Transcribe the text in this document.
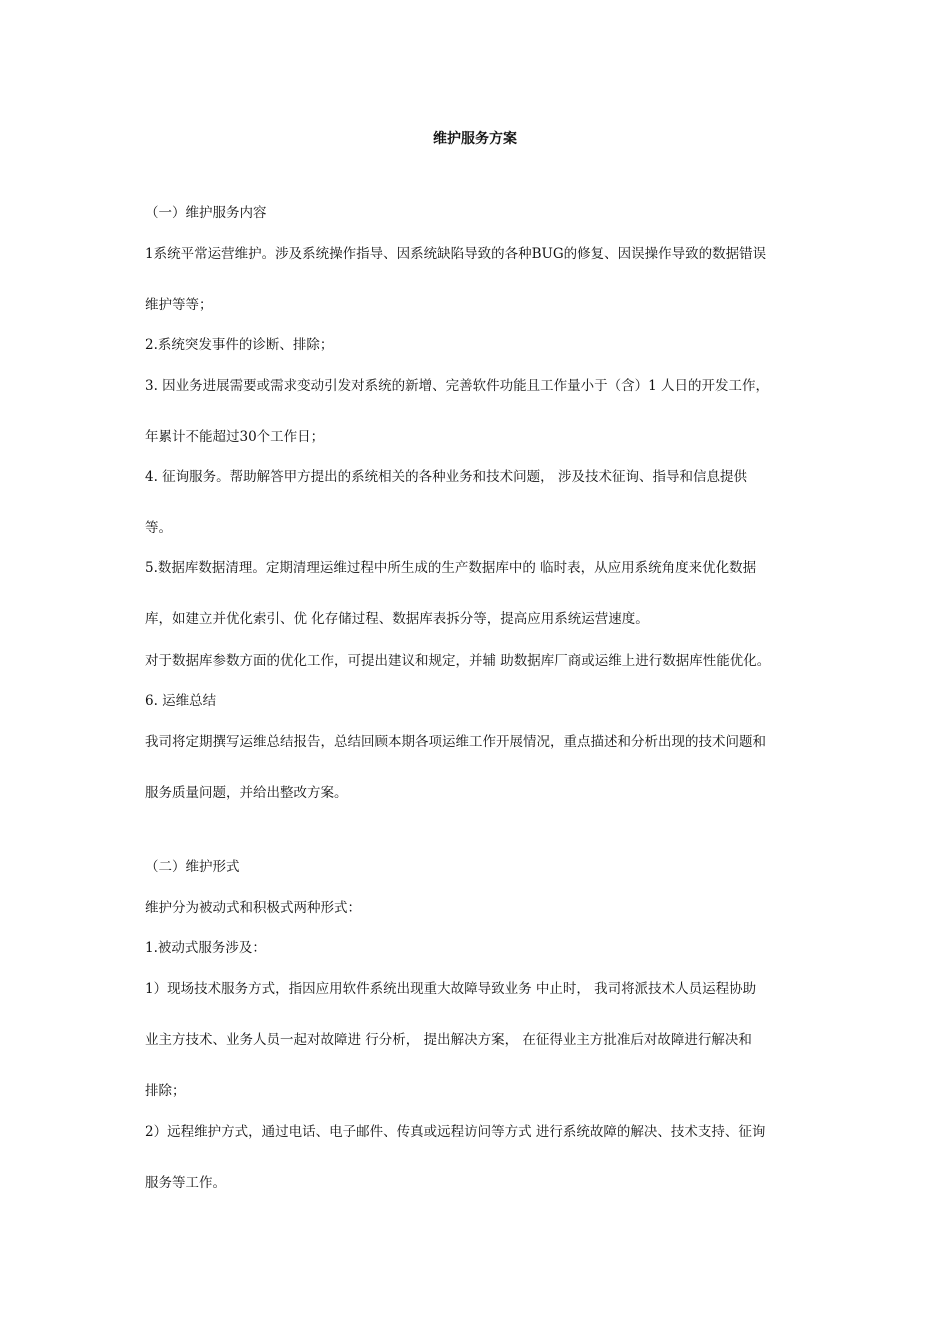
维护服务方案
（一）维护服务内容
1系统平常运营维护。涉及系统操作指导、因系统缺陷导致的各种BUG的修复、因误操作导致的数据错误
维护等等；
2.系统突发事件的诊断、排除；
3. 因业务进展需要或需求变动引发对系统的新增、完善软件功能且工作量小于（含）1 人日的开发工作，
年累计不能超过30个工作日；
4. 征询服务。帮助解答甲方提出的系统相关的各种业务和技术问题， 涉及技术征询、指导和信息提供
等。
5.数据库数据清理。定期清理运维过程中所生成的生产数据库中的 临时表，从应用系统角度来优化数据
库，如建立并优化索引、优 化存储过程、数据库表拆分等，提高应用系统运营速度。
对于数据库参数方面的优化工作，可提出建议和规定，并辅 助数据库厂商或运维上进行数据库性能优化。
6. 运维总结
我司将定期撰写运维总结报告，总结回顾本期各项运维工作开展情况，重点描述和分析出现的技术问题和
服务质量问题，并给出整改方案。
（二）维护形式
维护分为被动式和积极式两种形式：
1.被动式服务涉及：
1）现场技术服务方式，指因应用软件系统出现重大故障导致业务 中止时， 我司将派技术人员运程协助
业主方技术、业务人员一起对故障进 行分析， 提出解决方案， 在征得业主方批准后对故障进行解决和
排除；
2）远程维护方式，通过电话、电子邮件、传真或远程访问等方式 进行系统故障的解决、技术支持、征询
服务等工作。
